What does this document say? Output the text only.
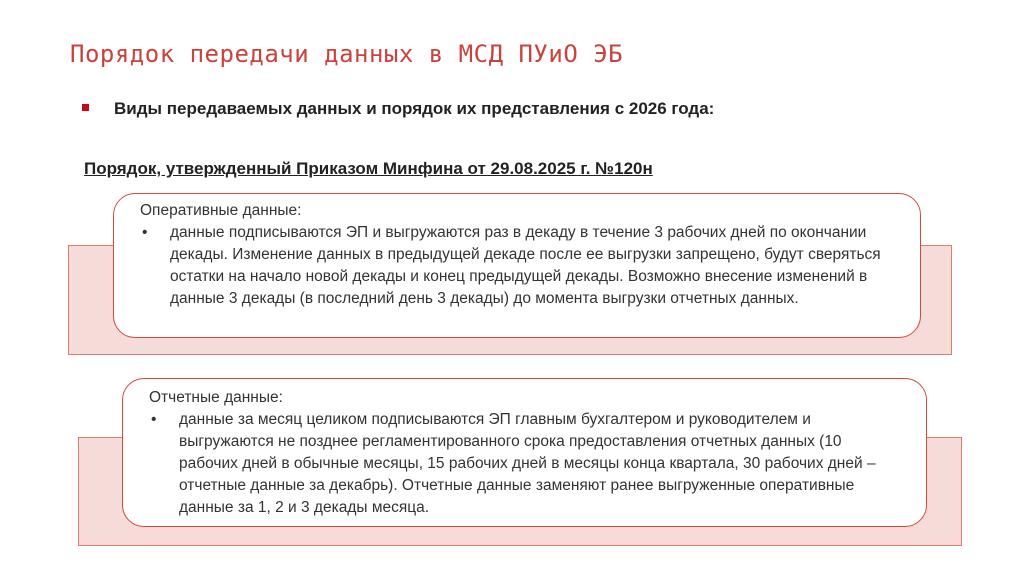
Порядок передачи данных в МСД ПУиО ЭБ
Виды передаваемых данных и порядок их представления с 2026 года:
Порядок, утвержденный Приказом Минфина от 29.08.2025 г. №120н
Оперативные данные:
• данные подписываются ЭП и выгружаются раз в декаду в течение 3 рабочих дней по окончании декады. Изменение данных в предыдущей декаде после ее выгрузки запрещено, будут сверяться остатки на начало новой декады и конец предыдущей декады. Возможно внесение изменений в данные 3 декады (в последний день 3 декады) до момента выгрузки отчетных данных.
Отчетные данные:
• данные за месяц целиком подписываются ЭП главным бухгалтером и руководителем и выгружаются не позднее регламентированного срока предоставления отчетных данных (10 рабочих дней в обычные месяцы, 15 рабочих дней в месяцы конца квартала, 30 рабочих дней – отчетные данные за декабрь). Отчетные данные заменяют ранее выгруженные оперативные данные за 1, 2 и 3 декады месяца.
